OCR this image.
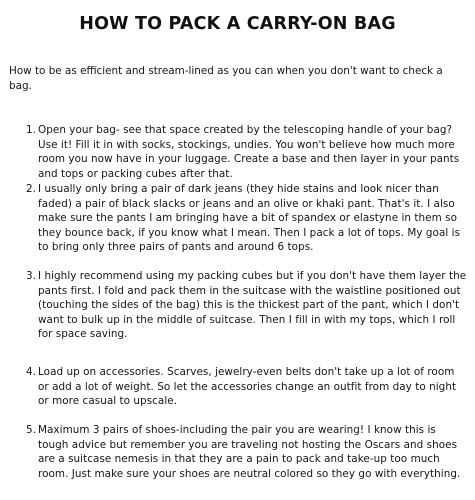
HOW TO PACK A CARRY-ON BAG
How to be as efficient and stream-lined as you can when you don't want to check a bag.
1. Open your bag- see that space created by the telescoping handle of your bag? Use it! Fill it in with socks, stockings, undies. You won't believe how much more room you now have in your luggage. Create a base and then layer in your pants and tops or packing cubes after that.
2. I usually only bring a pair of dark jeans (they hide stains and look nicer than faded) a pair of black slacks or jeans and an olive or khaki pant. That's it. I also make sure the pants I am bringing have a bit of spandex or elastyne in them so they bounce back, if you know what I mean. Then I pack a lot of tops. My goal is to bring only three pairs of pants and around 6 tops.
3. I highly recommend using my packing cubes but if you don't have them layer the pants first. I fold and pack them in the suitcase with the waistline positioned out (touching the sides of the bag) this is the thickest part of the pant, which I don't want to bulk up in the middle of suitcase. Then I fill in with my tops, which I roll for space saving.
4. Load up on accessories. Scarves, jewelry-even belts don't take up a lot of room or add a lot of weight. So let the accessories change an outfit from day to night or more casual to upscale.
5. Maximum 3 pairs of shoes-including the pair you are wearing! I know this is tough advice but remember you are traveling not hosting the Oscars and shoes are a suitcase nemesis in that they are a pain to pack and take-up too much room. Just make sure your shoes are neutral colored so they go with everything.
